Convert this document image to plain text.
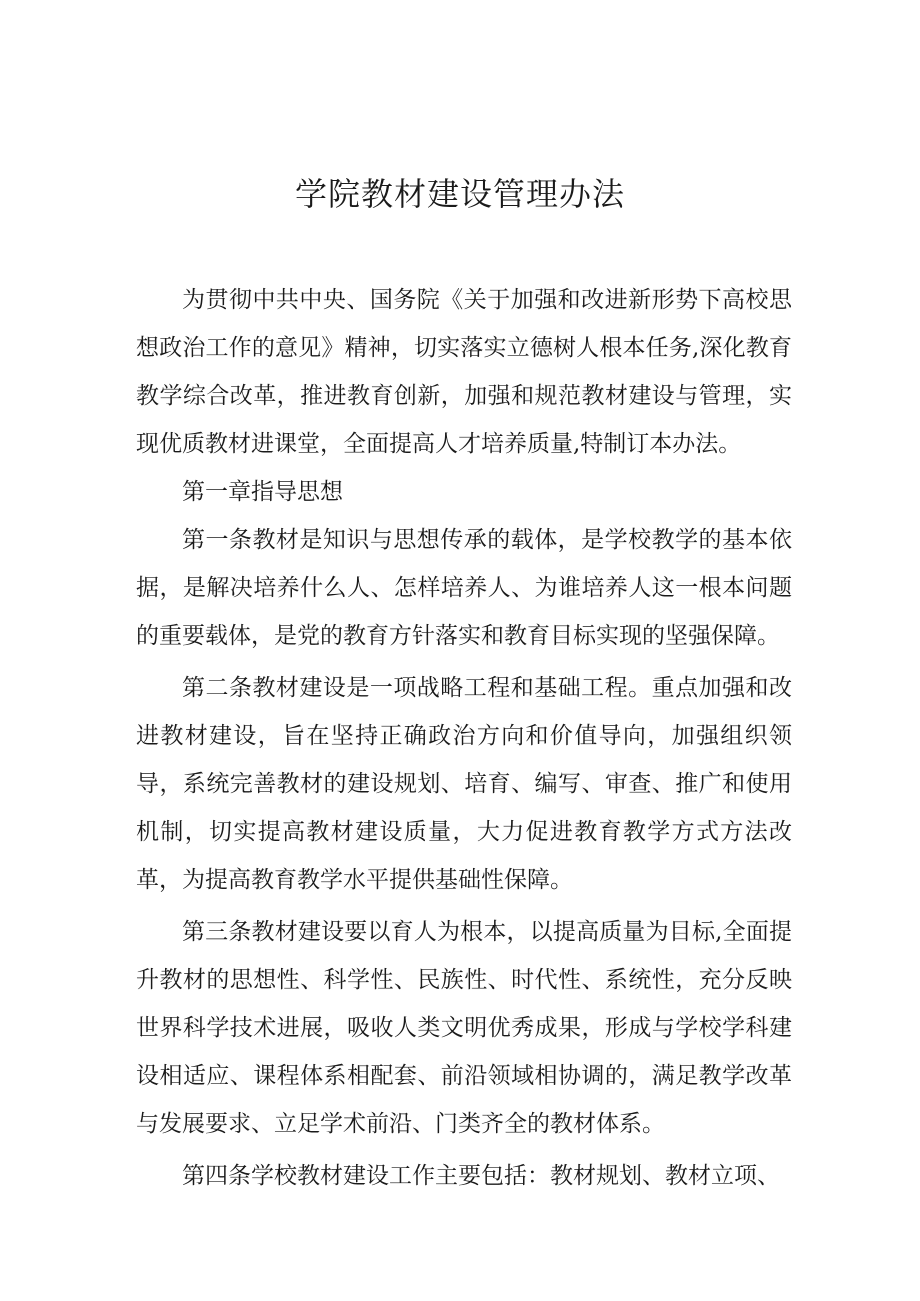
学院教材建设管理办法

为贯彻中共中央、国务院《关于加强和改进新形势下高校思想政治工作的意见》精神，切实落实立德树人根本任务,深化教育教学综合改革，推进教育创新，加强和规范教材建设与管理，实现优质教材进课堂，全面提高人才培养质量,特制订本办法。

第一章指导思想

第一条教材是知识与思想传承的载体，是学校教学的基本依据，是解决培养什么人、怎样培养人、为谁培养人这一根本问题的重要载体，是党的教育方针落实和教育目标实现的坚强保障。

第二条教材建设是一项战略工程和基础工程。重点加强和改进教材建设，旨在坚持正确政治方向和价值导向，加强组织领导，系统完善教材的建设规划、培育、编写、审查、推广和使用机制，切实提高教材建设质量，大力促进教育教学方式方法改革，为提高教育教学水平提供基础性保障。

第三条教材建设要以育人为根本，以提高质量为目标,全面提升教材的思想性、科学性、民族性、时代性、系统性，充分反映世界科学技术进展，吸收人类文明优秀成果，形成与学校学科建设相适应、课程体系相配套、前沿领域相协调的，满足教学改革与发展要求、立足学术前沿、门类齐全的教材体系。

第四条学校教材建设工作主要包括：教材规划、教材立项、
